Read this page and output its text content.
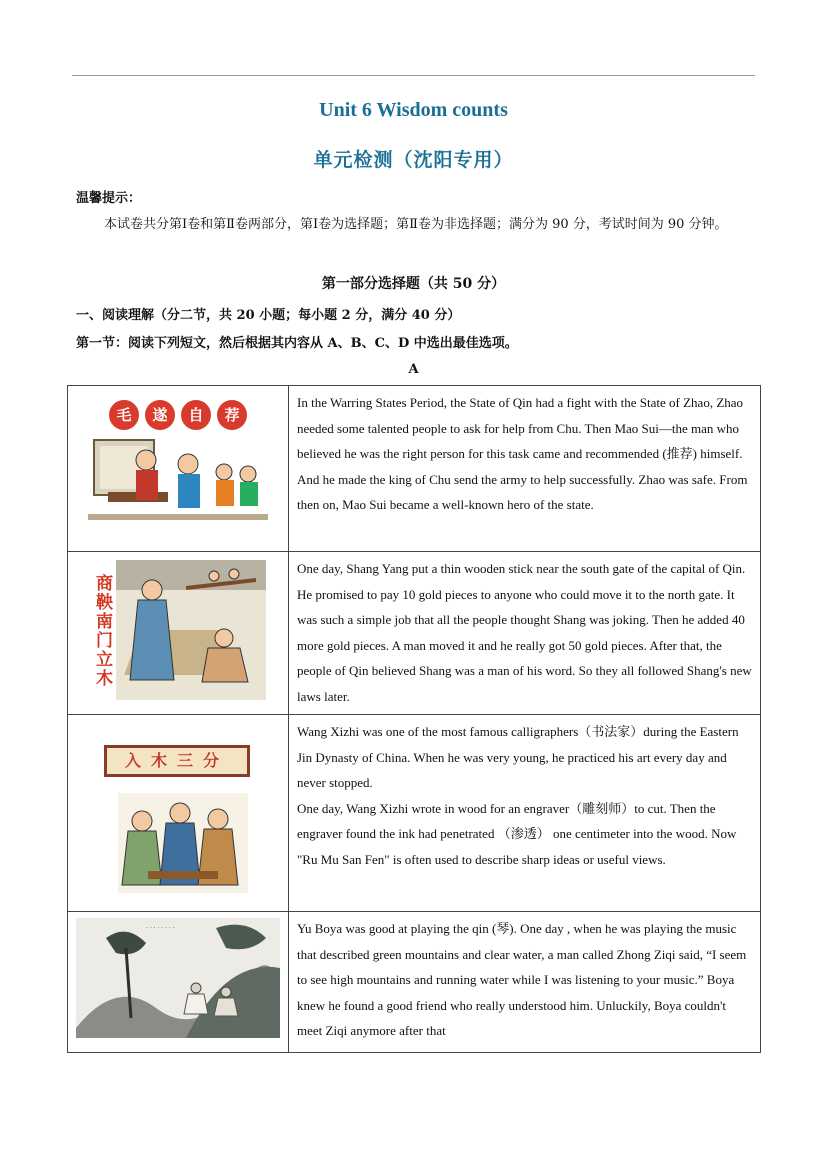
Unit 6 Wisdom counts
单元检测（沈阳专用）
温馨提示：
本试卷共分第Ⅰ卷和第Ⅱ卷两部分，第Ⅰ卷为选择题；第Ⅱ卷为非选择题；满分为 90 分，考试时间为 90 分钟。
第一部分选择题（共 50 分）
一、阅读理解（分二节，共 20 小题；每小题 2 分，满分 40 分）
第一节：阅读下列短文，然后根据其内容从 A、B、C、D 中选出最佳选项。
A
毛 遂 自 荐	In the Warring States Period, the State of Qin had a fight with the State of Zhao, Zhao needed some talented people to ask for help from Chu. Then Mao Sui—the man who believed he was the right person for this task came and recommended (推荐) himself. And he made the king of Chu send the army to help successfully. Zhao was safe. From then on, Mao Sui became a well-known hero of the state.

商鞅南门立木	One day, Shang Yang put a thin wooden stick near the south gate of the capital of Qin. He promised to pay 10 gold pieces to anyone who could move it to the north gate. It was such a simple job that all the people thought Shang was joking. Then he added 40 more gold pieces. A man moved it and he really got 50 gold pieces. After that, the people of Qin believed Shang was a man of his word. So they all followed Shang's new laws later.

入木三分	Wang Xizhi was one of the most famous calligraphers（书法家）during the Eastern Jin Dynasty of China. When he was very young, he practiced his art every day and never stopped.
One day, Wang Xizhi wrote in wood for an engraver（雕刻师）to cut. Then the engraver found the ink had penetrated （渗透） one centimeter into the wood. Now "Ru Mu San Fen" is often used to describe sharp ideas or useful views.

· · · · · · · ·	Yu Boya was good at playing the qin (琴). One day , when he was playing the music that described green mountains and clear water, a man called Zhong Ziqi said, “I seem to see high mountains and running water while I was listening to your music.” Boya knew he found a good friend who really understood him. Unluckily, Boya couldn't meet Ziqi anymore after that
